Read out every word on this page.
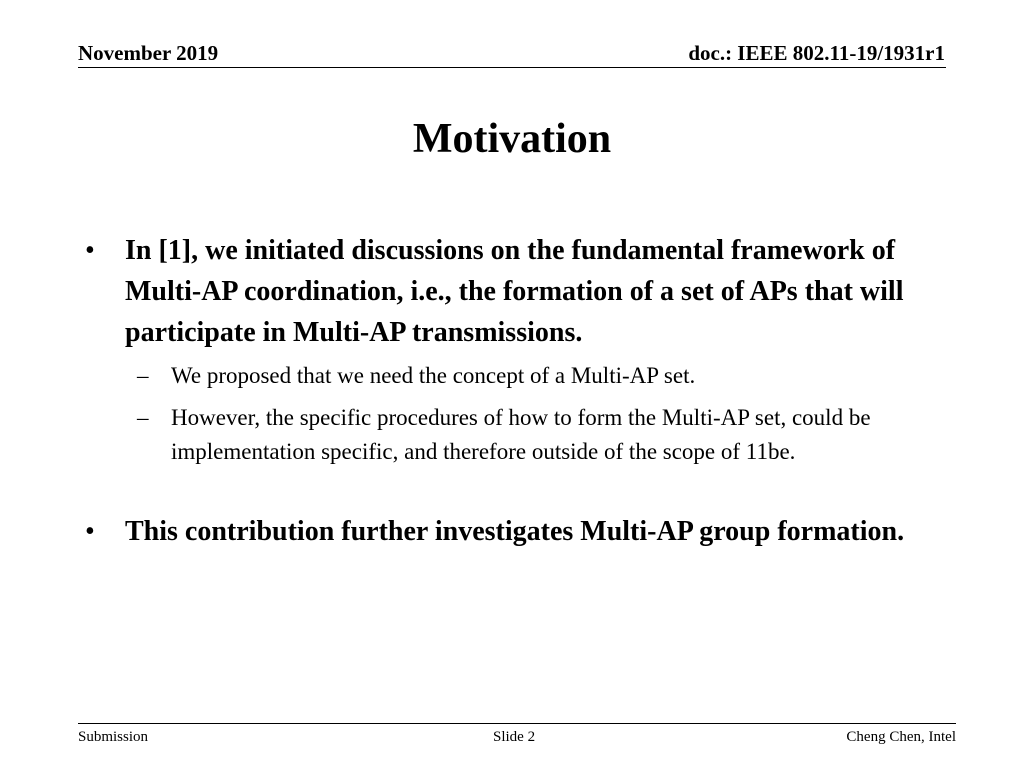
November 2019	doc.: IEEE 802.11-19/1931r1
Motivation
• In [1], we initiated discussions on the fundamental framework of Multi-AP coordination, i.e., the formation of a set of APs that will participate in Multi-AP transmissions.
– We proposed that we need the concept of a Multi-AP set.
– However, the specific procedures of how to form the Multi-AP set, could be implementation specific, and therefore outside of the scope of 11be.
• This contribution further investigates Multi-AP group formation.
Submission	Slide 2	Cheng Chen, Intel
